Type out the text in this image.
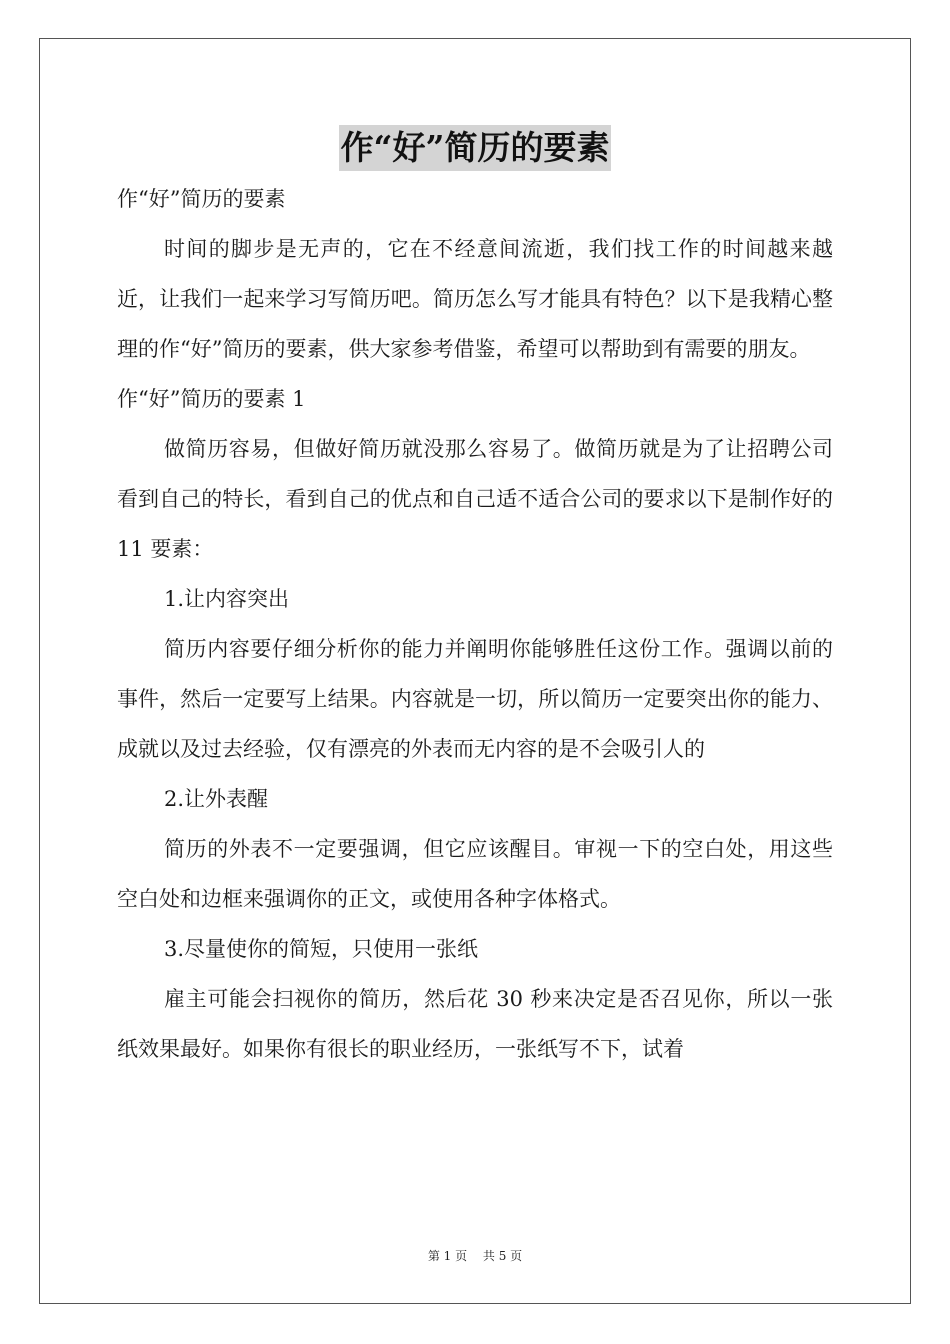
作“好”简历的要素

作“好”简历的要素

时间的脚步是无声的，它在不经意间流逝，我们找工作的时间越来越近，让我们一起来学习写简历吧。简历怎么写才能具有特色？以下是我精心整理的作“好”简历的要素，供大家参考借鉴，希望可以帮助到有需要的朋友。

作“好”简历的要素 1

做简历容易，但做好简历就没那么容易了。做简历就是为了让招聘公司看到自己的特长，看到自己的优点和自己适不适合公司的要求以下是制作好的 11 要素：

1.让内容突出

简历内容要仔细分析你的能力并阐明你能够胜任这份工作。强调以前的事件，然后一定要写上结果。内容就是一切，所以简历一定要突出你的能力、成就以及过去经验，仅有漂亮的外表而无内容的是不会吸引人的

2.让外表醒

简历的外表不一定要强调，但它应该醒目。审视一下的空白处，用这些空白处和边框来强调你的正文，或使用各种字体格式。

3.尽量使你的简短，只使用一张纸

雇主可能会扫视你的简历，然后花 30 秒来决定是否召见你，所以一张纸效果最好。如果你有很长的职业经历，一张纸写不下，试着

第 1 页　 共 5 页
